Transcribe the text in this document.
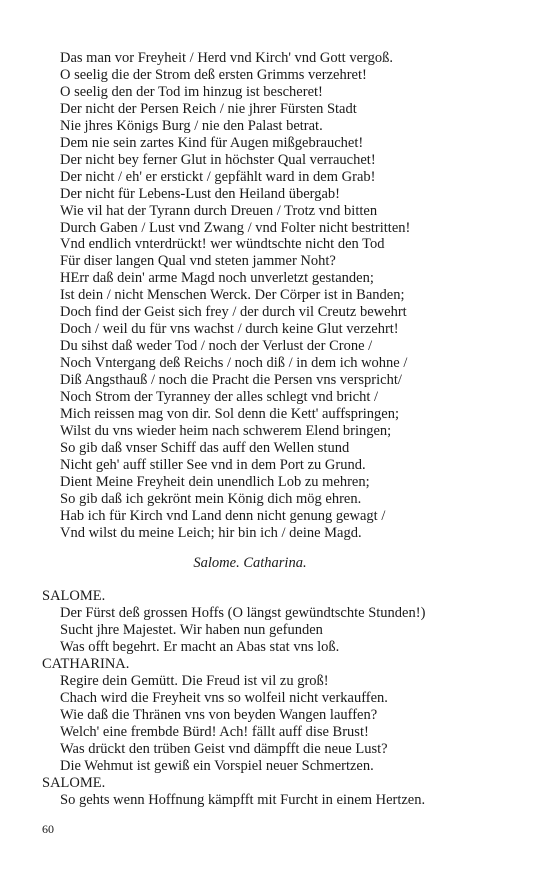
Das man vor Freyheit / Herd vnd Kirch' vnd Gott vergoß.
O seelig die der Strom deß ersten Grimms verzehret!
O seelig den der Tod im hinzug ist bescheret!
Der nicht der Persen Reich / nie jhrer Fürsten Stadt
Nie jhres Königs Burg / nie den Palast betrat.
Dem nie sein zartes Kind für Augen mißgebrauchet!
Der nicht bey ferner Glut in höchster Qual verrauchet!
Der nicht / eh' er erstickt / gepfählt ward in dem Grab!
Der nicht für Lebens-Lust den Heiland übergab!
Wie vil hat der Tyrann durch Dreuen / Trotz vnd bitten
Durch Gaben / Lust vnd Zwang / vnd Folter nicht bestritten!
Vnd endlich vnterdrückt! wer wündtschte nicht den Tod
Für diser langen Qual vnd steten jammer Noht?
HErr daß dein' arme Magd noch unverletzt gestanden;
Ist dein / nicht Menschen Werck. Der Cörper ist in Banden;
Doch find der Geist sich frey / der durch vil Creutz bewehrt
Doch / weil du für vns wachst / durch keine Glut verzehrt!
Du sihst daß weder Tod / noch der Verlust der Crone /
Noch Vntergang deß Reichs / noch diß / in dem ich wohne /
Diß Angsthauß / noch die Pracht die Persen vns verspricht/
Noch Strom der Tyranney der alles schlegt vnd bricht /
Mich reissen mag von dir. Sol denn die Kett' auffspringen;
Wilst du vns wieder heim nach schwerem Elend bringen;
So gib daß vnser Schiff das auff den Wellen stund
Nicht geh' auff stiller See vnd in dem Port zu Grund.
Dient Meine Freyheit dein unendlich Lob zu mehren;
So gib daß ich gekrönt mein König dich mög ehren.
Hab ich für Kirch vnd Land denn nicht genung gewagt /
Vnd wilst du meine Leich; hir bin ich / deine Magd.
Salome. Catharina.
SALOME.
Der Fürst deß grossen Hoffs (O längst gewündtschte Stunden!)
Sucht jhre Majestet. Wir haben nun gefunden
Was offt begehrt. Er macht an Abas stat vns loß.
CATHARINA.
Regire dein Gemütt. Die Freud ist vil zu groß!
Chach wird die Freyheit vns so wolfeil nicht verkauffen.
Wie daß die Thränen vns von beyden Wangen lauffen?
Welch' eine frembde Bürd! Ach! fällt auff dise Brust!
Was drückt den trüben Geist vnd dämpfft die neue Lust?
Die Wehmut ist gewiß ein Vorspiel neuer Schmertzen.
SALOME.
So gehts wenn Hoffnung kämpfft mit Furcht in einem Hertzen.
60
